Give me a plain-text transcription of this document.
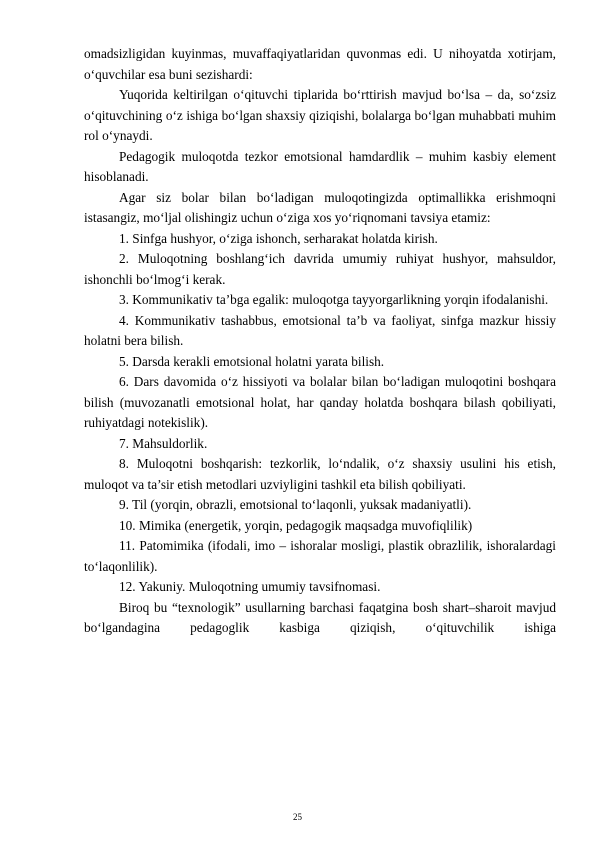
omadsizligidan kuyinmas, muvaffaqiyatlaridan quvonmas edi. U nihoyatda xotirjam, o‘quvchilar esa buni sezishardi:

Yuqorida keltirilgan o‘qituvchi tiplarida bo‘rttirish mavjud bo‘lsa – da, so‘zsiz o‘qituvchining o‘z ishiga bo‘lgan shaxsiy qiziqishi, bolalarga bo‘lgan muhabbati muhim rol o‘ynaydi.

Pedagogik muloqotda tezkor emotsional hamdardlik – muhim kasbiy element hisoblanadi.

Agar siz bolar bilan bo‘ladigan muloqotingizda optimallikka erishmoqni istasangiz, mo‘ljal olishingiz uchun o‘ziga xos yo‘riqnomani tavsiya etamiz:

1. Sinfga hushyor, o‘ziga ishonch, serharakat holatda kirish.

2. Muloqotning boshlang‘ich davrida umumiy ruhiyat hushyor, mahsuldor, ishonchli bo‘lmog‘i kerak.

3. Kommunikativ ta’bga egalik: muloqotga tayyorgarlikning yorqin ifodalanishi.

4. Kommunikativ tashabbus, emotsional ta’b va faoliyat, sinfga mazkur hissiy holatni bera bilish.

5. Darsda kerakli emotsional holatni yarata bilish.

6. Dars davomida o‘z hissiyoti va bolalar bilan bo‘ladigan muloqotini boshqara bilish (muvozanatli emotsional holat, har qanday holatda boshqara bilash qobiliyati, ruhiyatdagi notekislik).

7. Mahsuldorlik.

8. Muloqotni boshqarish: tezkorlik, lo‘ndalik, o‘z shaxsiy usulini his etish, muloqot va ta’sir etish metodlari uzviyligini tashkil eta bilish qobiliyati.

9. Til (yorqin, obrazli, emotsional to‘laqonli, yuksak madaniyatli).

10. Mimika (energetik, yorqin, pedagogik maqsadga muvofiqlilik)

11. Patomimika (ifodali, imo – ishoralar mosligi, plastik obrazlilik, ishoralardagi to‘laqonlilik).

12. Yakuniy. Muloqotning umumiy tavsifnomasi.

Biroq bu “texnologik” usullarning barchasi faqatgina bosh shart–sharoit mavjud bo‘lgandagina pedagoglik kasbiga qiziqish, o‘qituvchilik ishiga

25
